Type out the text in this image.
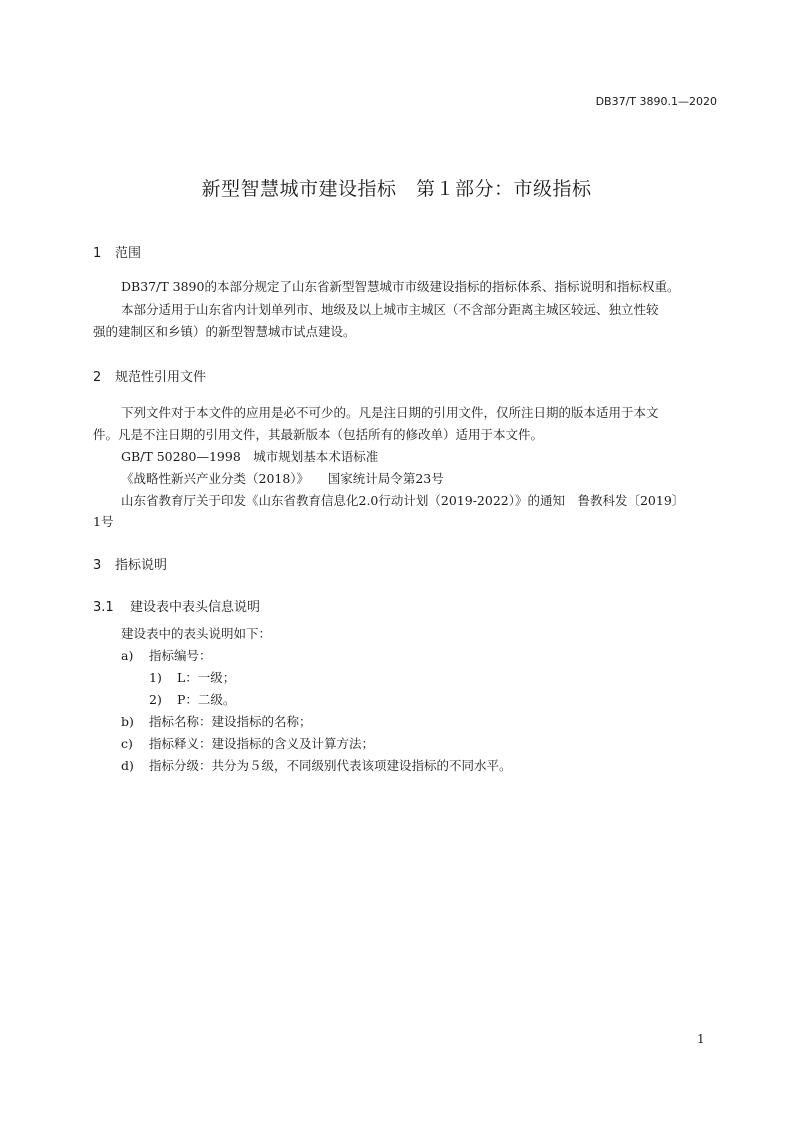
DB37/T 3890.1—2020
新型智慧城市建设指标　第１部分：市级指标
1 范围
DB37/T 3890的本部分规定了山东省新型智慧城市市级建设指标的指标体系、指标说明和指标权重。
本部分适用于山东省内计划单列市、地级及以上城市主城区（不含部分距离主城区较远、独立性较
强的建制区和乡镇）的新型智慧城市试点建设。
2 规范性引用文件
下列文件对于本文件的应用是必不可少的。凡是注日期的引用文件，仅所注日期的版本适用于本文
件。凡是不注日期的引用文件，其最新版本（包括所有的修改单）适用于本文件。
GB/T 50280—1998　城市规划基本术语标准
《战略性新兴产业分类（2018）》　　国家统计局令第23号
山东省教育厅关于印发《山东省教育信息化2.0行动计划（2019-2022）》的通知　鲁教科发〔2019〕
1号
3 指标说明
3.1 建设表中表头信息说明
建设表中的表头说明如下：
a) 指标编号：
1) L：一级；
2) P：二级。
b) 指标名称：建设指标的名称；
c) 指标释义：建设指标的含义及计算方法；
d) 指标分级：共分为５级，不同级别代表该项建设指标的不同水平。
1
